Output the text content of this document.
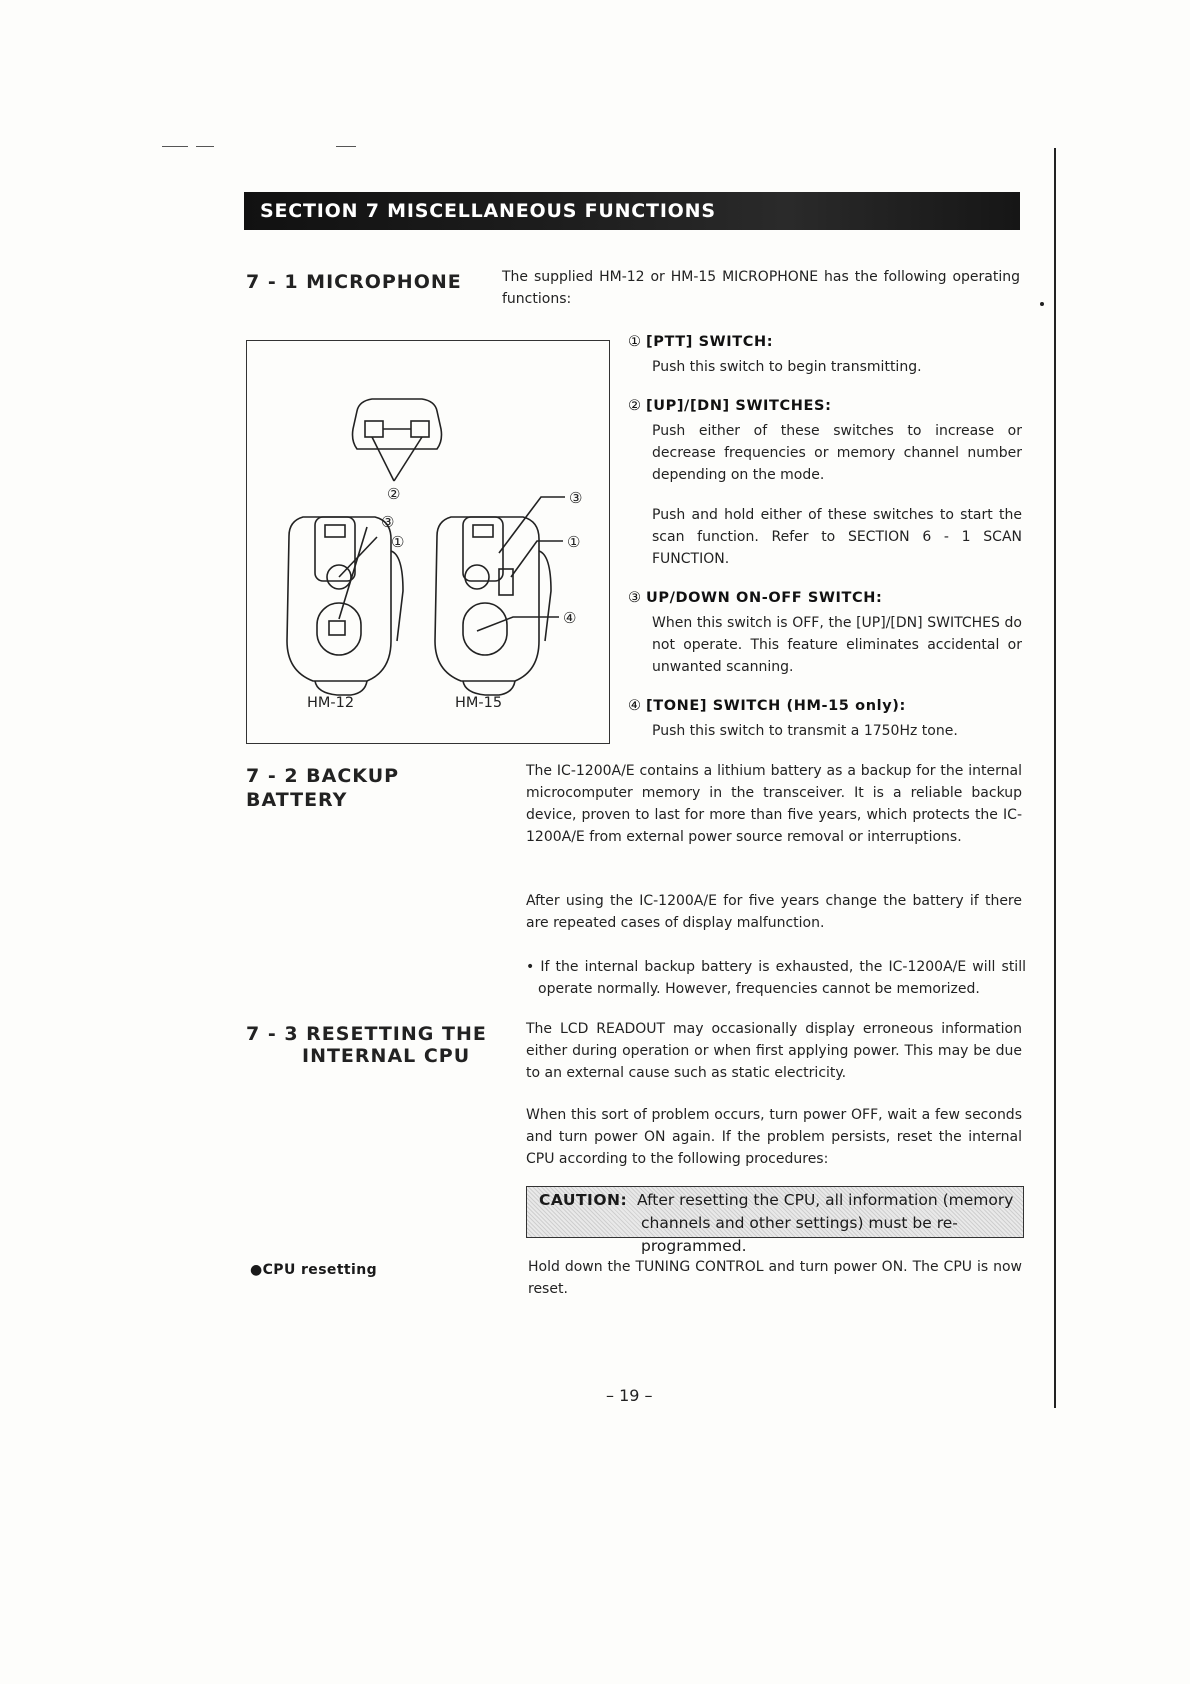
SECTION 7 MISCELLANEOUS FUNCTIONS
7 - 1 MICROPHONE	The supplied HM-12 or HM-15 MICROPHONE has the following operating functions:
②
③
①
③
①
④
HM-12	HM-15
① [PTT] SWITCH:
Push this switch to begin transmitting.
② [UP]/[DN] SWITCHES:
Push either of these switches to increase or decrease frequencies or memory channel number depending on the mode.
Push and hold either of these switches to start the scan function. Refer to SECTION 6 - 1 SCAN FUNCTION.
③ UP/DOWN ON-OFF SWITCH:
When this switch is OFF, the [UP]/[DN] SWITCHES do not operate. This feature eliminates accidental or unwanted scanning.
④ [TONE] SWITCH (HM-15 only):
Push this switch to transmit a 1750Hz tone.
7 - 2 BACKUP BATTERY
The IC-1200A/E contains a lithium battery as a backup for the internal microcomputer memory in the transceiver. It is a reliable backup device, proven to last for more than five years, which protects the IC-1200A/E from external power source removal or interruptions.
After using the IC-1200A/E for five years change the battery if there are repeated cases of display malfunction.
• If the internal backup battery is exhausted, the IC-1200A/E will still operate normally. However, frequencies cannot be memorized.
7 - 3 RESETTING THE
INTERNAL CPU
The LCD READOUT may occasionally display erroneous information either during operation or when first applying power. This may be due to an external cause such as static electricity.
When this sort of problem occurs, turn power OFF, wait a few seconds and turn power ON again. If the problem persists, reset the internal CPU according to the following procedures:
CAUTION: After resetting the CPU, all information (memory
channels and other settings) must be re-programmed.
●CPU resetting	Hold down the TUNING CONTROL and turn power ON. The CPU is now reset.
– 19 –
